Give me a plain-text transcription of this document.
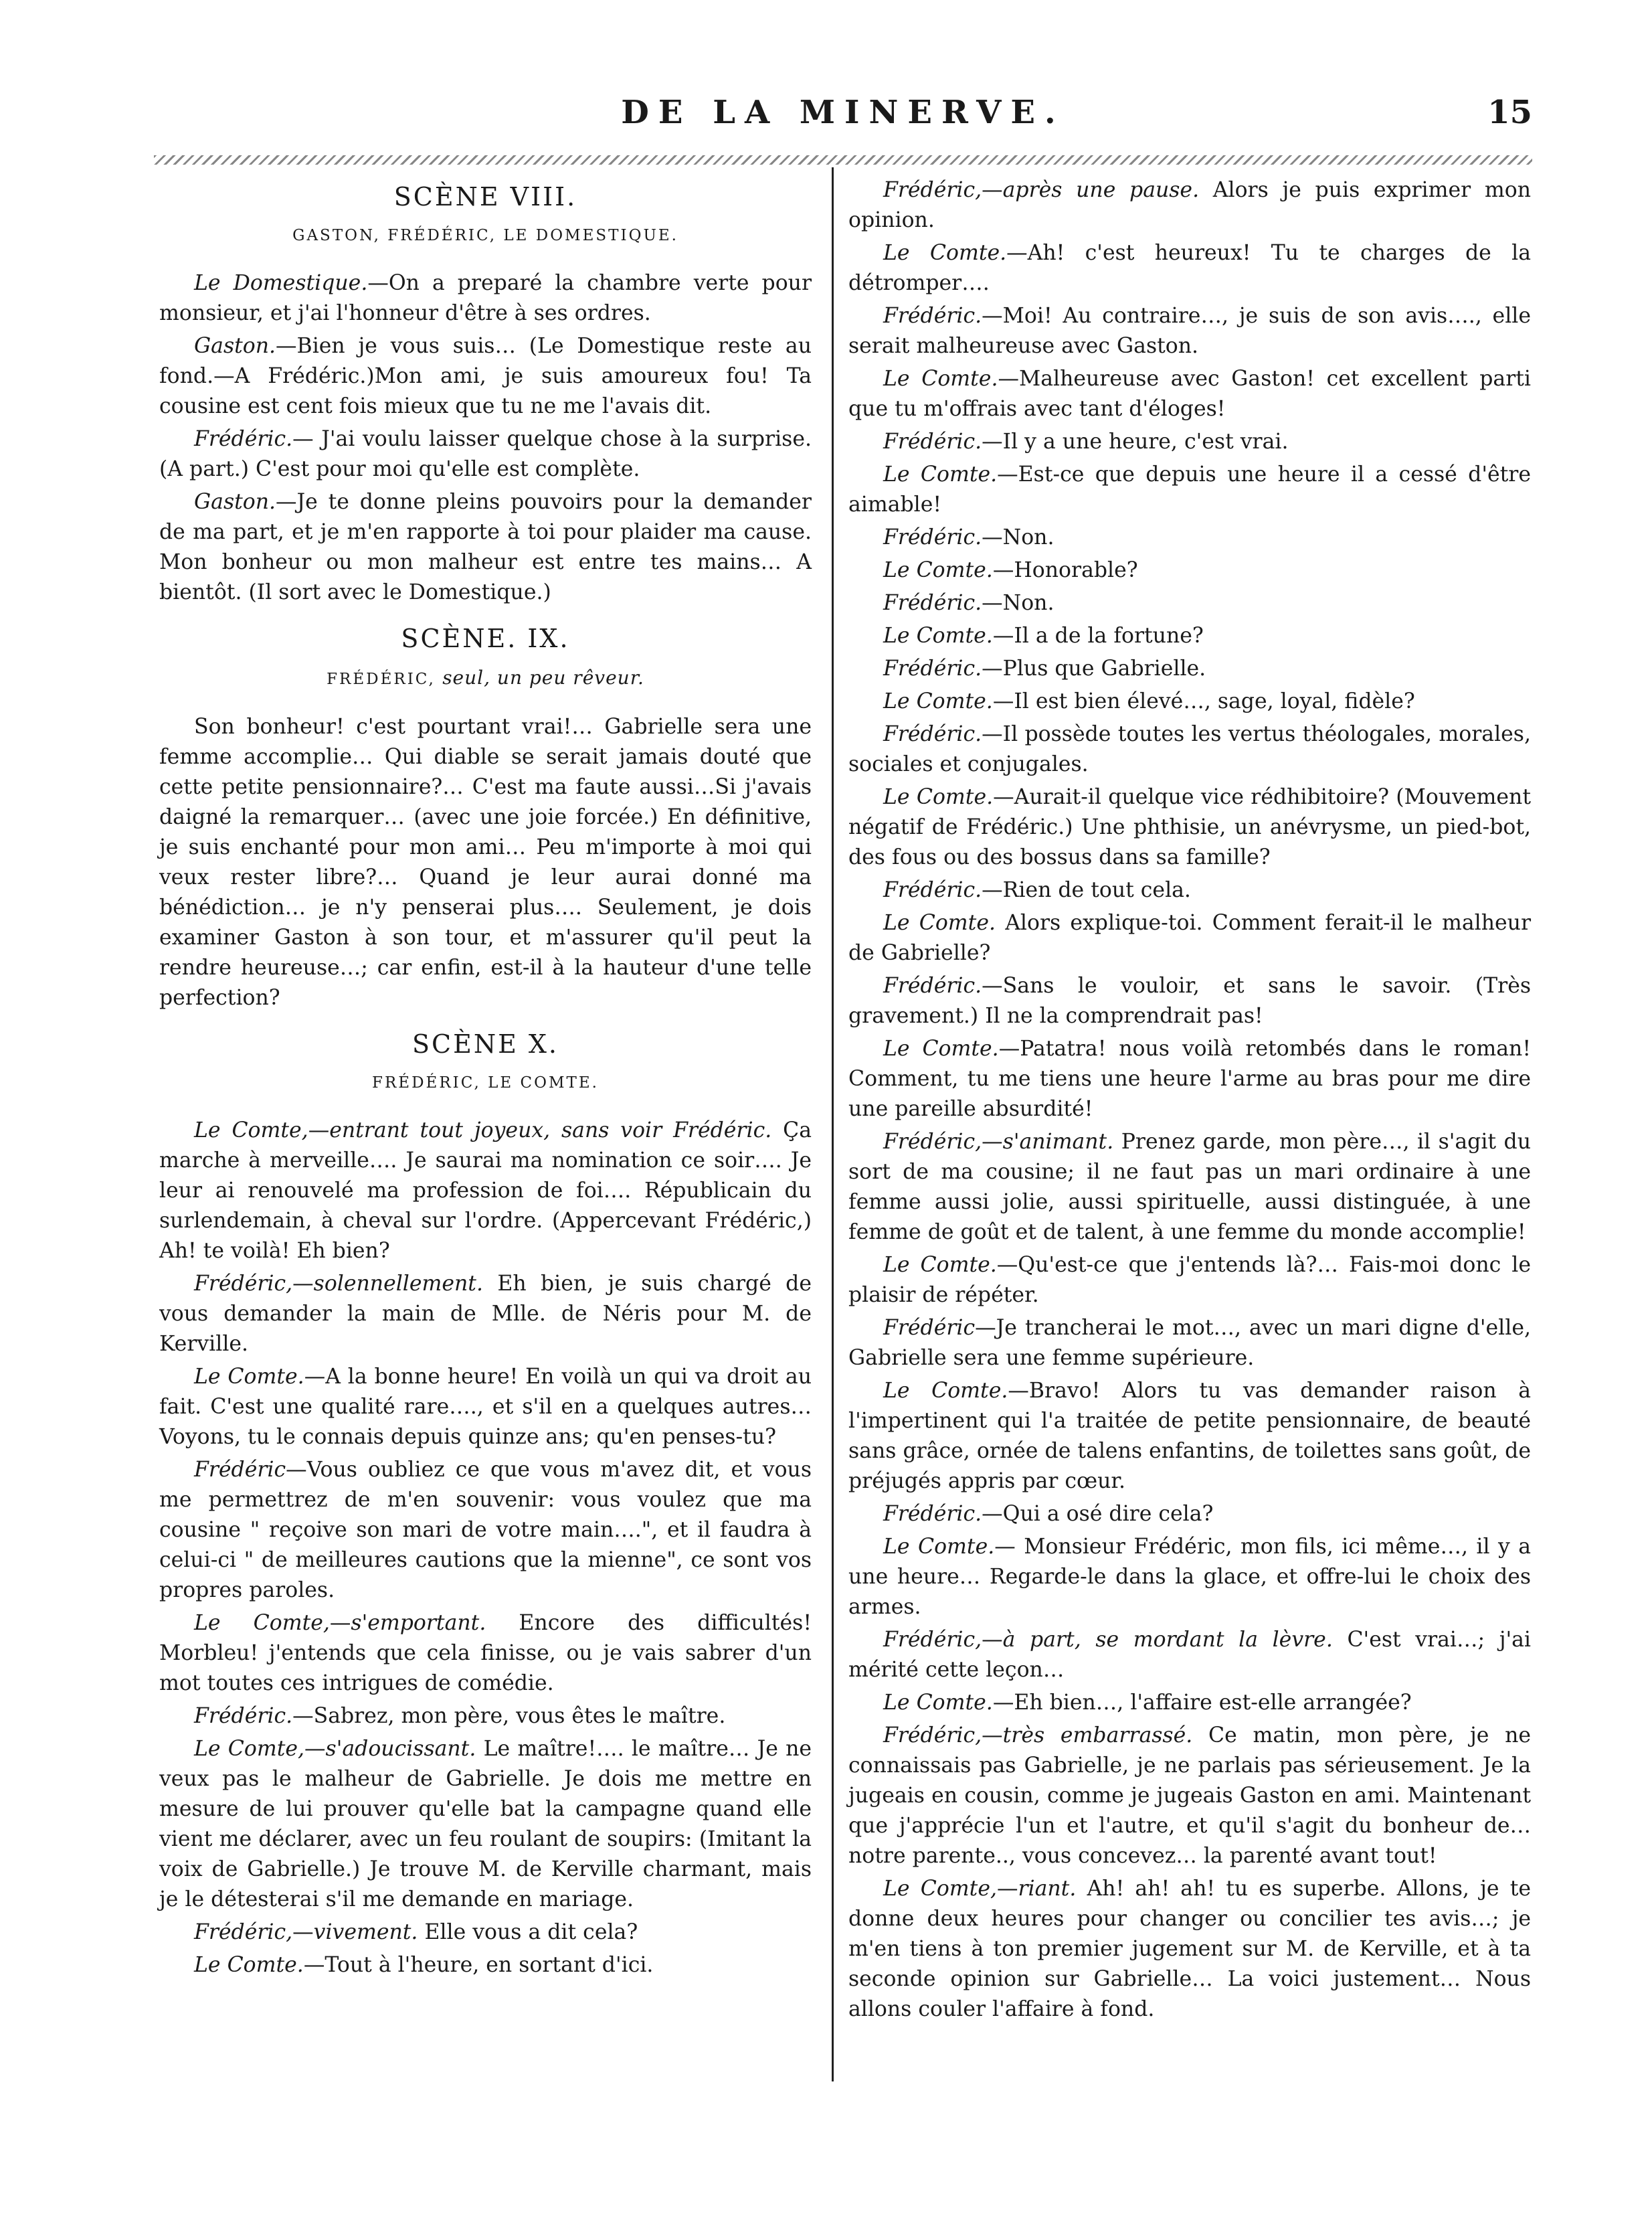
DE LA MINERVE.	15
SCÈNE VIII.
GASTON, FRÉDÉRIC, LE DOMESTIQUE.

Le Domestique.—On a preparé la chambre verte pour monsieur, et j'ai l'honneur d'être à ses ordres.

Gaston.—Bien je vous suis… (Le Domestique reste au fond.—A Frédéric.)Mon ami, je suis amoureux fou! Ta cousine est cent fois mieux que tu ne me l'avais dit.

Frédéric.— J'ai voulu laisser quelque chose à la surprise. (A part.) C'est pour moi qu'elle est complète.

Gaston.—Je te donne pleins pouvoirs pour la demander de ma part, et je m'en rapporte à toi pour plaider ma cause. Mon bonheur ou mon malheur est entre tes mains… A bientôt. (Il sort avec le Domestique.)

SCÈNE. IX.
FRÉDÉRIC, seul, un peu rêveur.

Son bonheur! c'est pourtant vrai!… Gabrielle sera une femme accomplie… Qui diable se serait jamais douté que cette petite pensionnaire?… C'est ma faute aussi…Si j'avais daigné la remarquer… (avec une joie forcée.) En définitive, je suis enchanté pour mon ami… Peu m'importe à moi qui veux rester libre?… Quand je leur aurai donné ma bénédiction… je n'y penserai plus…. Seulement, je dois examiner Gaston à son tour, et m'assurer qu'il peut la rendre heureuse…; car enfin, est-il à la hauteur d'une telle perfection?

SCÈNE X.
FRÉDÉRIC, LE COMTE.

Le Comte,—entrant tout joyeux, sans voir Frédéric. Ça marche à merveille…. Je saurai ma nomination ce soir…. Je leur ai renouvelé ma profession de foi…. Républicain du surlendemain, à cheval sur l'ordre. (Appercevant Frédéric,) Ah! te voilà! Eh bien?

Frédéric,—solennellement. Eh bien, je suis chargé de vous demander la main de Mlle. de Néris pour M. de Kerville.

Le Comte.—A la bonne heure! En voilà un qui va droit au fait. C'est une qualité rare…., et s'il en a quelques autres… Voyons, tu le connais depuis quinze ans; qu'en penses-tu?

Frédéric—Vous oubliez ce que vous m'avez dit, et vous me permettrez de m'en souvenir: vous voulez que ma cousine " reçoive son mari de votre main….", et il faudra à celui-ci " de meilleures cautions que la mienne", ce sont vos propres paroles.

Le Comte,—s'emportant. Encore des difficultés! Morbleu! j'entends que cela finisse, ou je vais sabrer d'un mot toutes ces intrigues de comédie.

Frédéric.—Sabrez, mon père, vous êtes le maître.

Le Comte,—s'adoucissant. Le maître!…. le maître… Je ne veux pas le malheur de Gabrielle. Je dois me mettre en mesure de lui prouver qu'elle bat la campagne quand elle vient me déclarer, avec un feu roulant de soupirs: (Imitant la voix de Gabrielle.) Je trouve M. de Kerville charmant, mais je le détesterai s'il me demande en mariage.

Frédéric,—vivement. Elle vous a dit cela?

Le Comte.—Tout à l'heure, en sortant d'ici.

Frédéric,—après une pause. Alors je puis exprimer mon opinion.

Le Comte.—Ah! c'est heureux! Tu te charges de la détromper….

Frédéric.—Moi! Au contraire…, je suis de son avis…., elle serait malheureuse avec Gaston.

Le Comte.—Malheureuse avec Gaston! cet excellent parti que tu m'offrais avec tant d'éloges!

Frédéric.—Il y a une heure, c'est vrai.

Le Comte.—Est-ce que depuis une heure il a cessé d'être aimable!

Frédéric.—Non.

Le Comte.—Honorable?

Frédéric.—Non.

Le Comte.—Il a de la fortune?

Frédéric.—Plus que Gabrielle.

Le Comte.—Il est bien élevé…, sage, loyal, fidèle?

Frédéric.—Il possède toutes les vertus théologales, morales, sociales et conjugales.

Le Comte.—Aurait-il quelque vice rédhibitoire? (Mouvement négatif de Frédéric.) Une phthisie, un anévrysme, un pied-bot, des fous ou des bossus dans sa famille?

Frédéric.—Rien de tout cela.

Le Comte. Alors explique-toi. Comment ferait-il le malheur de Gabrielle?

Frédéric.—Sans le vouloir, et sans le savoir. (Très gravement.) Il ne la comprendrait pas!

Le Comte.—Patatra! nous voilà retombés dans le roman! Comment, tu me tiens une heure l'arme au bras pour me dire une pareille absurdité!

Frédéric,—s'animant. Prenez garde, mon père…, il s'agit du sort de ma cousine; il ne faut pas un mari ordinaire à une femme aussi jolie, aussi spirituelle, aussi distinguée, à une femme de goût et de talent, à une femme du monde accomplie!

Le Comte.—Qu'est-ce que j'entends là?… Fais-moi donc le plaisir de répéter.

Frédéric—Je trancherai le mot…, avec un mari digne d'elle, Gabrielle sera une femme supérieure.

Le Comte.—Bravo! Alors tu vas demander raison à l'impertinent qui l'a traitée de petite pensionnaire, de beauté sans grâce, ornée de talens enfantins, de toilettes sans goût, de préjugés appris par cœur.

Frédéric.—Qui a osé dire cela?

Le Comte.— Monsieur Frédéric, mon fils, ici même…, il y a une heure… Regarde-le dans la glace, et offre-lui le choix des armes.

Frédéric,—à part, se mordant la lèvre. C'est vrai…; j'ai mérité cette leçon…

Le Comte.—Eh bien…, l'affaire est-elle arrangée?

Frédéric,—très embarrassé. Ce matin, mon père, je ne connaissais pas Gabrielle, je ne parlais pas sérieusement. Je la jugeais en cousin, comme je jugeais Gaston en ami. Maintenant que j'apprécie l'un et l'autre, et qu'il s'agit du bonheur de… notre parente.., vous concevez… la parenté avant tout!

Le Comte,—riant. Ah! ah! ah! tu es superbe. Allons, je te donne deux heures pour changer ou concilier tes avis…; je m'en tiens à ton premier jugement sur M. de Kerville, et à ta seconde opinion sur Gabrielle… La voici justement… Nous allons couler l'affaire à fond.
